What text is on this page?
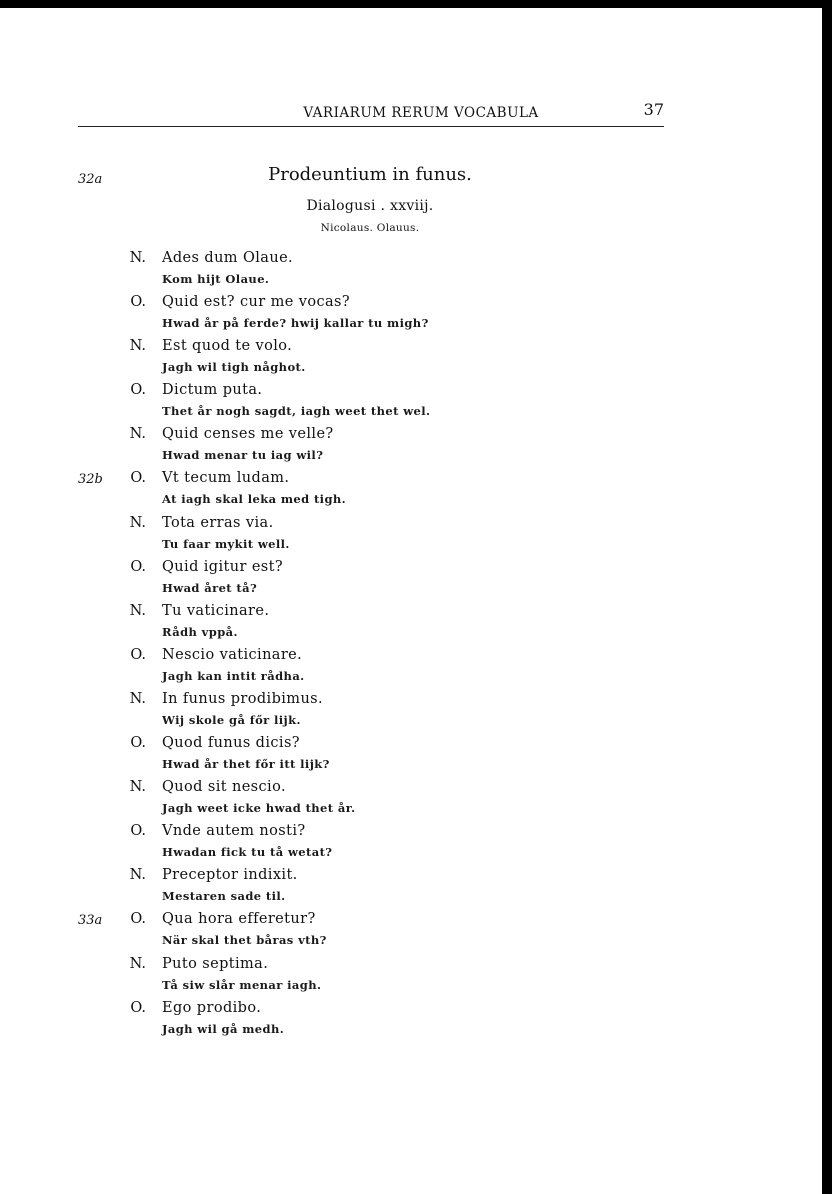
VARIARUM RERUM VOCABULA	37
Prodeuntium in funus.
Dialogusi . xxviij.
Nicolaus. Olauus.
32a
32b
33a
N. Ades dum Olaue.
Kom hijt Olaue.
O. Quid est? cur me vocas?
Hwad år på ferde? hwij kallar tu migh?
N. Est quod te volo.
Jagh wil tigh någhot.
O. Dictum puta.
Thet år nogh sagdt, iagh weet thet wel.
N. Quid censes me velle?
Hwad menar tu iag wil?
O. Vt tecum ludam.
At iagh skal leka med tigh.
N. Tota erras via.
Tu faar mykit well.
O. Quid igitur est?
Hwad året tå?
N. Tu vaticinare.
Rådh vppå.
O. Nescio vaticinare.
Jagh kan intit rådha.
N. In funus prodibimus.
Wij skole gå főr lijk.
O. Quod funus dicis?
Hwad år thet főr itt lijk?
N. Quod sit nescio.
Jagh weet icke hwad thet år.
O. Vnde autem nosti?
Hwadan fick tu tå wetat?
N. Preceptor indixit.
Mestaren sade til.
O. Qua hora efferetur?
När skal thet båras vth?
N. Puto septima.
Tå siw slår menar iagh.
O. Ego prodibo.
Jagh wil gå medh.
